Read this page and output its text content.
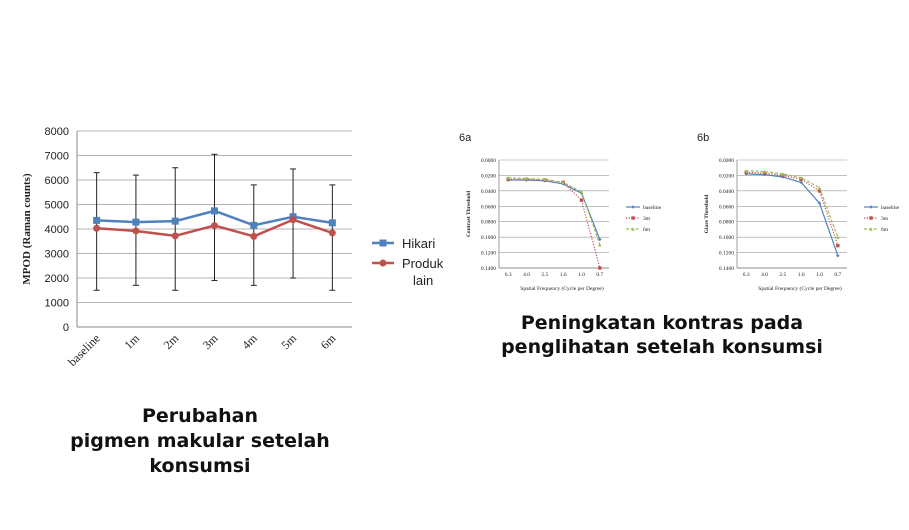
0
1000
2000
3000
4000
5000
6000
7000
8000
baseline 1m 2m 3m 4m 5m 6m
MPOD (Raman counts)	Hikari
Produk lain
6a
0.0000
0.0200
0.0400
0.0600
0.0800
0.1000
0.1200
0.1400
6.3 4.0 2.5 1.6 1.0 0.7
Spatial Frequency (Cycle per Degree)
Contrast Threshold	baseline
3m
6m
6b
0.0000
0.0200
0.0400
0.0600
0.0800
0.1000
0.1200
0.1400
6.3 4.0 2.5 1.6 1.0 0.7
Spatial Frequency (Cycle per Degree)
Glare Threshold	baseline
3m
6m
Perubahan
pigmen makular setelah
konsumsi
Peningkatan kontras pada
penglihatan setelah konsumsi
